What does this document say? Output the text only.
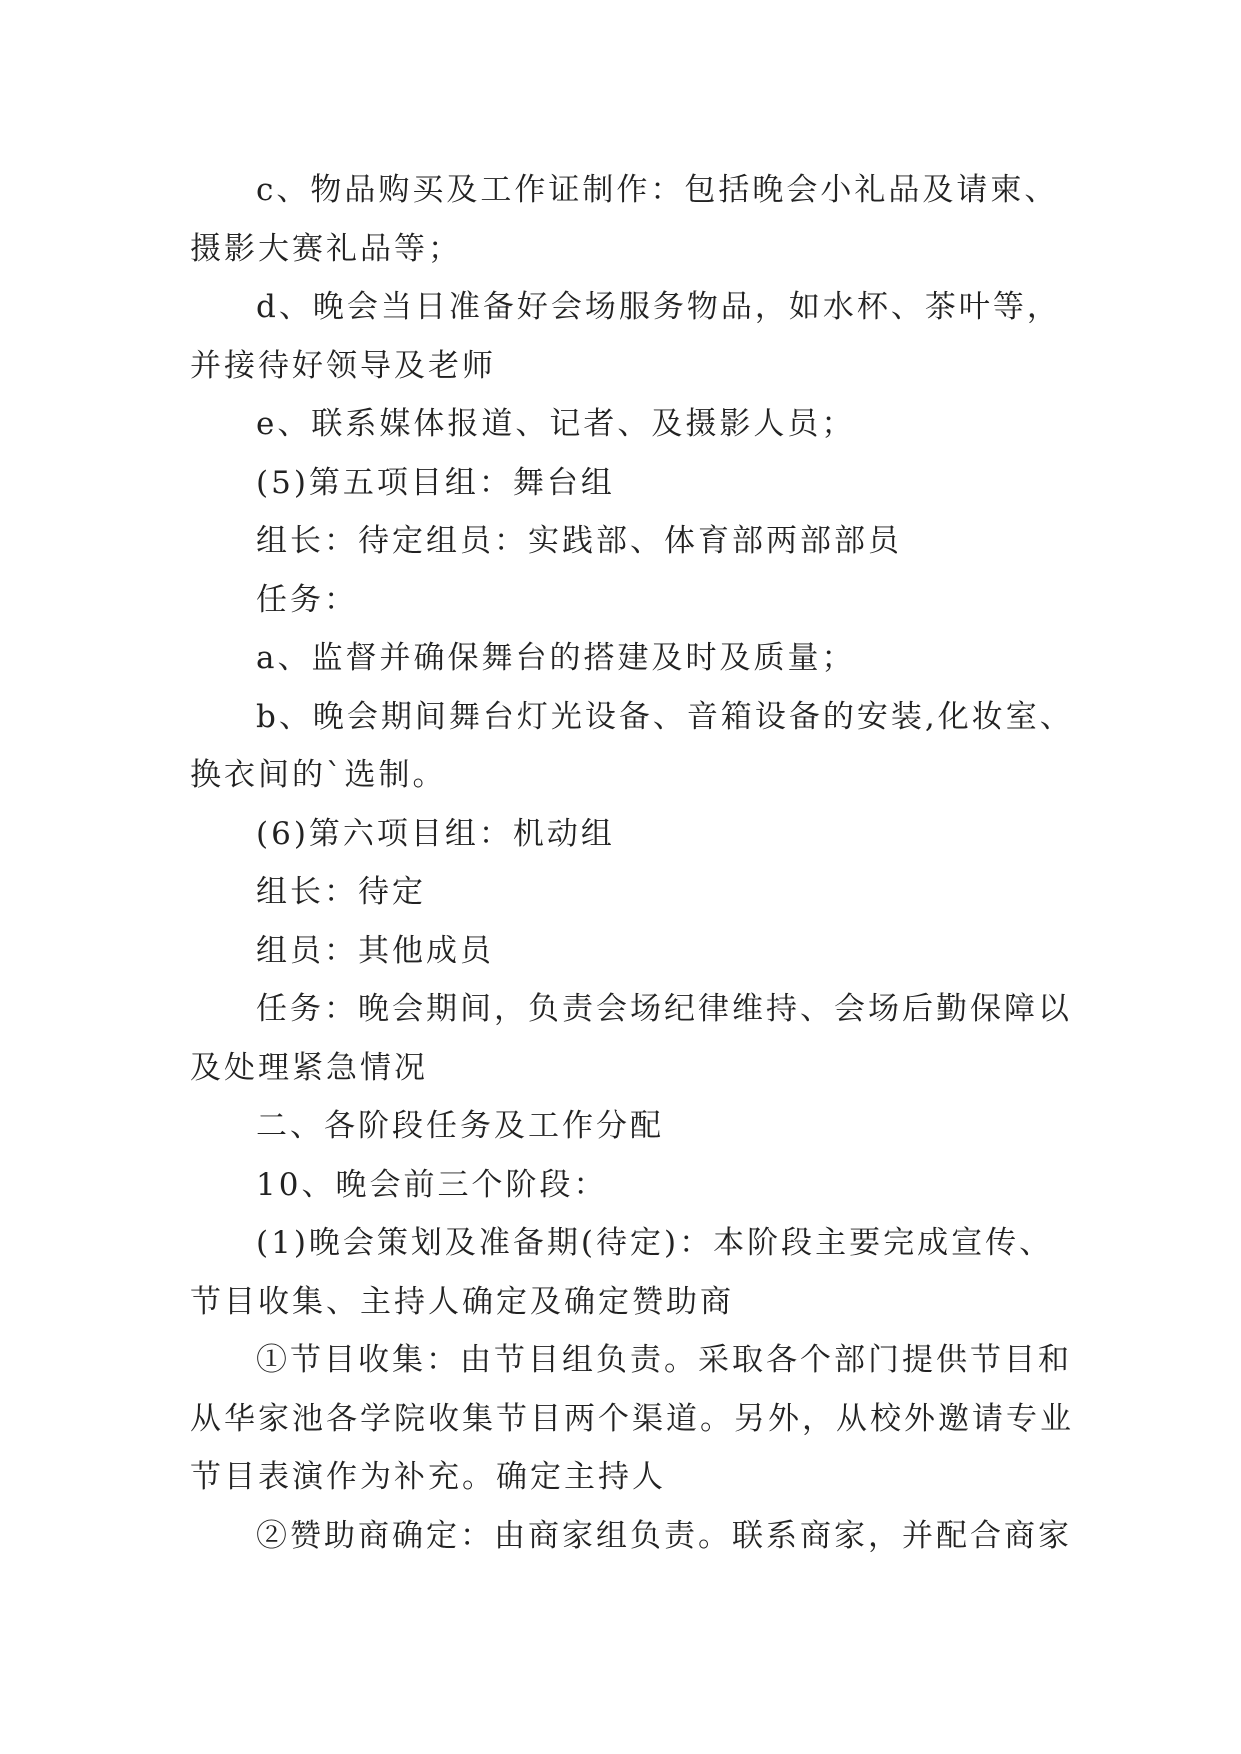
c、物品购买及工作证制作：包括晚会小礼品及请柬、摄影大赛礼品等；

d、晚会当日准备好会场服务物品，如水杯、茶叶等，并接待好领导及老师

e、联系媒体报道、记者、及摄影人员；

(5)第五项目组：舞台组

组长：待定组员：实践部、体育部两部部员

任务：

a、监督并确保舞台的搭建及时及质量；

b、晚会期间舞台灯光设备、音箱设备的安装,化妆室、换衣间的`选制。

(6)第六项目组：机动组

组长：待定

组员：其他成员

任务：晚会期间，负责会场纪律维持、会场后勤保障以及处理紧急情况

二、各阶段任务及工作分配

10、晚会前三个阶段：

(1)晚会策划及准备期(待定)：本阶段主要完成宣传、节目收集、主持人确定及确定赞助商

①节目收集：由节目组负责。采取各个部门提供节目和从华家池各学院收集节目两个渠道。另外，从校外邀请专业节目表演作为补充。确定主持人

②赞助商确定：由商家组负责。联系商家，并配合商家
